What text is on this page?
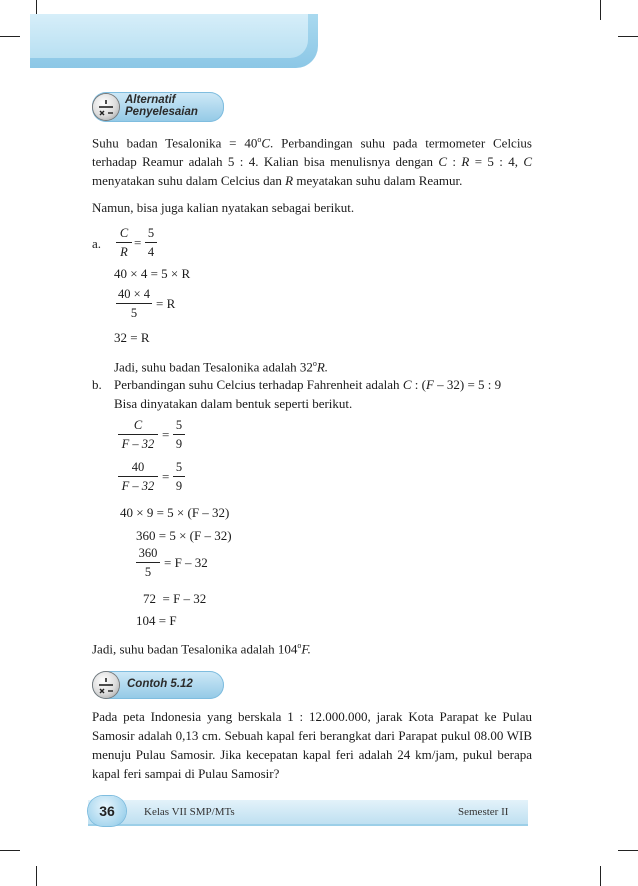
Alternatif
Penyelesaian

Suhu badan Tesalonika = $40^oC$. Perbandingan suhu pada termometer Celcius terhadap Reamur adalah 5 : 4. Kalian bisa menulisnya dengan C : R = 5 : 4, C menyatakan suhu dalam Celcius dan R meyatakan suhu dalam Reamur.

Namun, bisa juga kalian nyatakan sebagai berikut.
a.
C
R
=
5
4
40 × 4 = 5 × R
40 × 4
5
= R
32 = R
Jadi, suhu badan Tesalonika adalah 32$^o$R.
b. Perbandingan suhu Celcius terhadap Fahrenheit adalah C : (F – 32) = 5 : 9
Bisa dinyatakan dalam bentuk seperti berikut.
C
F – 32
=
5
9
40
F – 32
=
5
9
40 × 9 = 5 × (F – 32)
360 = 5 × (F – 32)
360
5
= F – 32
72  = F – 32
104 = F
Jadi, suhu badan Tesalonika adalah 104$^o$F.
Contoh 5.12

Pada peta Indonesia yang berskala 1 : 12.000.000, jarak Kota Parapat ke Pulau Samosir adalah 0,13 cm. Sebuah kapal feri berangkat dari Parapat pukul 08.00 WIB menuju Pulau Samosir. Jika kecepatan kapal feri adalah 24 km/jam, pukul berapa kapal feri sampai di Pulau Samosir?

36	Kelas VII SMP/MTs	Semester II
